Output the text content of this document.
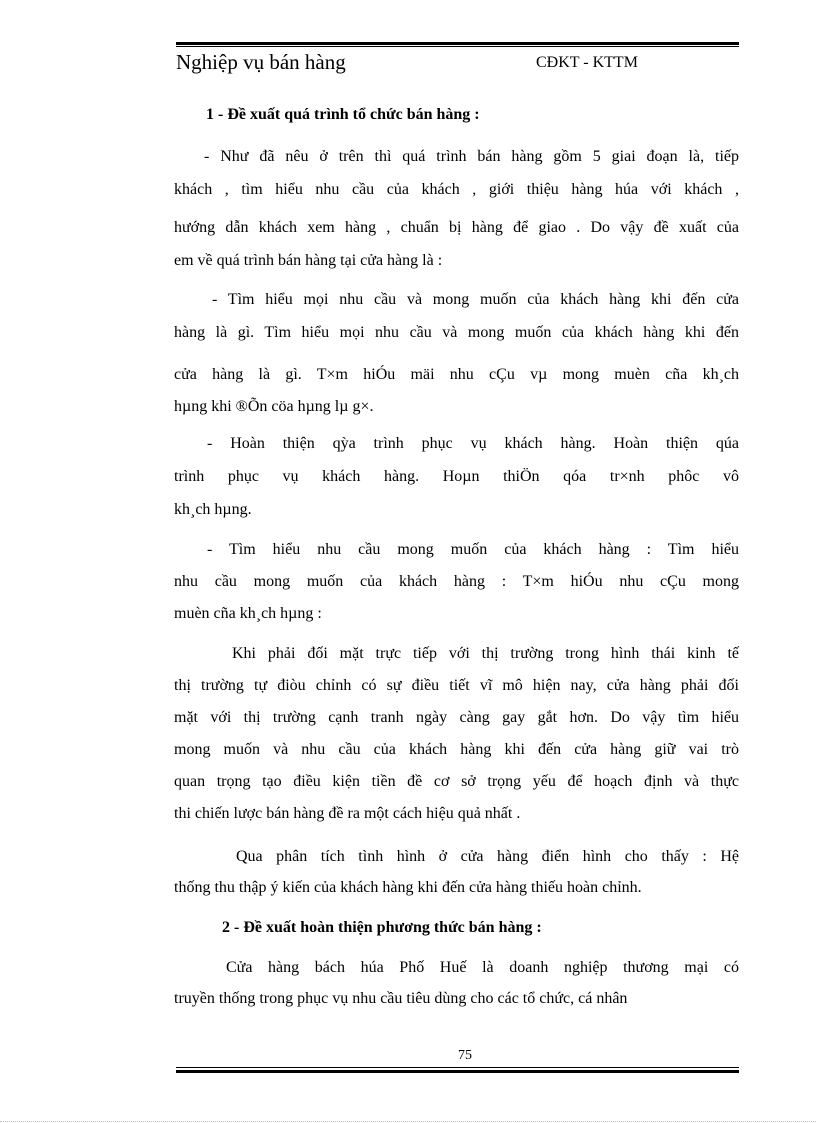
Nghiệp vụ bán hàng	CĐKT - KTTM
1 - Đề xuất quá trình tổ chức bán hàng :
- Như đã nêu ở trên thì quá trình bán hàng gồm 5 giai đoạn là, tiếp
khách , tìm hiểu nhu cầu của khách , giới thiệu hàng húa với khách ,
hướng dẫn khách xem hàng , chuẩn bị hàng để giao . Do vậy đề xuất của
em về quá trình bán hàng tại cửa hàng là :
- Tìm hiểu mọi nhu cầu và mong muốn của khách hàng khi đến cửa
hàng là gì. Tìm hiểu mọi nhu cầu và mong muốn của khách hàng khi đến
cửa hàng là gì. T×m hiÓu mäi nhu cÇu vµ mong muèn cña kh¸ch
hµng khi ®Õn cöa hµng lµ g×.
- Hoàn thiện qỳa trình phục vụ khách hàng. Hoàn thiện qúa
trình phục vụ khách hàng. Hoµn thiÖn qóa tr×nh phôc vô
kh¸ch hµng.
- Tìm hiểu nhu cầu mong muốn của khách hàng : Tìm hiểu
nhu cầu mong muốn của khách hàng : T×m hiÓu nhu cÇu mong
muèn cña kh¸ch hµng :
Khi phải đối mặt trực tiếp với thị trường trong hình thái kinh tế
thị trường tự điòu chỉnh có sự điều tiết vĩ mô hiện nay, cửa hàng phải đối
mặt với thị trường cạnh tranh ngày càng gay gắt hơn. Do vậy tìm hiểu
mong muốn và nhu cầu của khách hàng khi đến cửa hàng giữ vai trò
quan trọng tạo điều kiện tiền đề cơ sở trọng yếu để hoạch định và thực
thi chiến lược bán hàng đề ra một cách hiệu quả nhất .
Qua phân tích tình hình ở cửa hàng điển hình cho thấy : Hệ
thống thu thập ý kiến của khách hàng khi đến cửa hàng thiếu hoàn chỉnh.
2 - Đề xuất hoàn thiện phương thức bán hàng :
Cửa hàng bách húa Phố Huế là doanh nghiệp thương mại có
truyền thống trong phục vụ nhu cầu tiêu dùng cho các tổ chức, cá nhân
75
